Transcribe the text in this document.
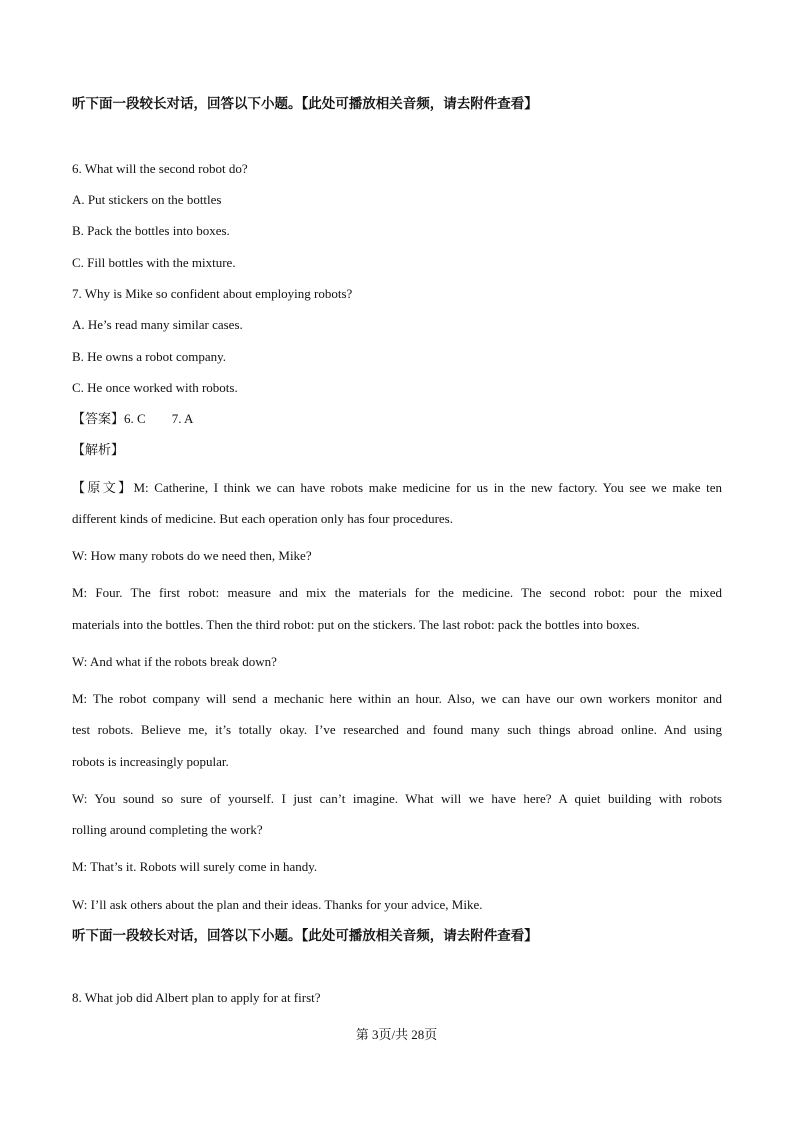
听下面一段较长对话，回答以下小题。【此处可播放相关音频，请去附件查看】
6. What will the second robot do?
A. Put stickers on the bottles
B. Pack the bottles into boxes.
C. Fill bottles with the mixture.
7. Why is Mike so confident about employing robots?
A. He’s read many similar cases.
B. He owns a robot company.
C. He once worked with robots.
【答案】6. C 7. A
【解析】
【原文】M: Catherine, I think we can have robots make medicine for us in the new factory. You see we make ten
different kinds of medicine. But each operation only has four procedures.
W: How many robots do we need then, Mike?
M: Four. The first robot: measure and mix the materials for the medicine. The second robot: pour the mixed
materials into the bottles. Then the third robot: put on the stickers. The last robot: pack the bottles into boxes.
W: And what if the robots break down?
M: The robot company will send a mechanic here within an hour. Also, we can have our own workers monitor and
test robots. Believe me, it’s totally okay. I’ve researched and found many such things abroad online. And using
robots is increasingly popular.
W: You sound so sure of yourself. I just can’t imagine. What will we have here? A quiet building with robots
rolling around completing the work?
M: That’s it. Robots will surely come in handy.
W: I’ll ask others about the plan and their ideas. Thanks for your advice, Mike.
听下面一段较长对话，回答以下小题。【此处可播放相关音频，请去附件查看】
8. What job did Albert plan to apply for at first?
第 3页/共 28页
